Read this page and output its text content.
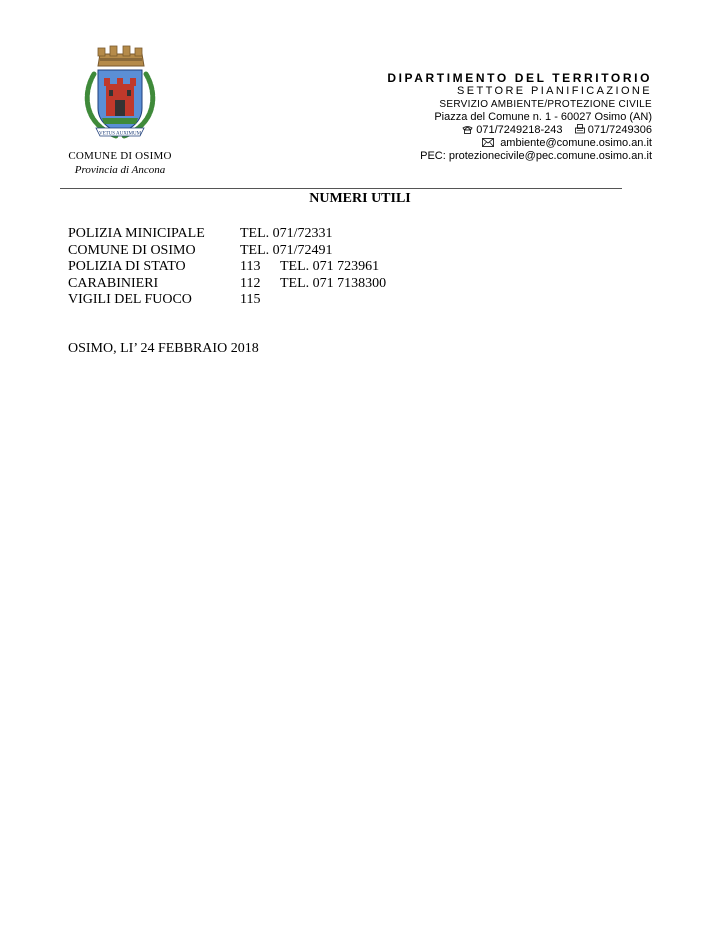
VETUS AUXIMUM
COMUNE DI OSIMO
Provincia di Ancona
DIPARTIMENTO DEL TERRITORIO
SETTORE PIANIFICAZIONE
SERVIZIO AMBIENTE/PROTEZIONE CIVILE
Piazza del Comune n. 1 - 60027 Osimo (AN)
071/7249218-243 071/7249306
ambiente@comune.osimo.an.it
PEC: protezionecivile@pec.comune.osimo.an.it
NUMERI UTILI
POLIZIA MINICIPALE	TEL. 071/72331
COMUNE DI OSIMO	TEL. 071/72491
POLIZIA DI STATO	113 TEL. 071 723961
CARABINIERI	112 TEL. 071 7138300
VIGILI DEL FUOCO	115
OSIMO, LI’ 24 FEBBRAIO 2018
